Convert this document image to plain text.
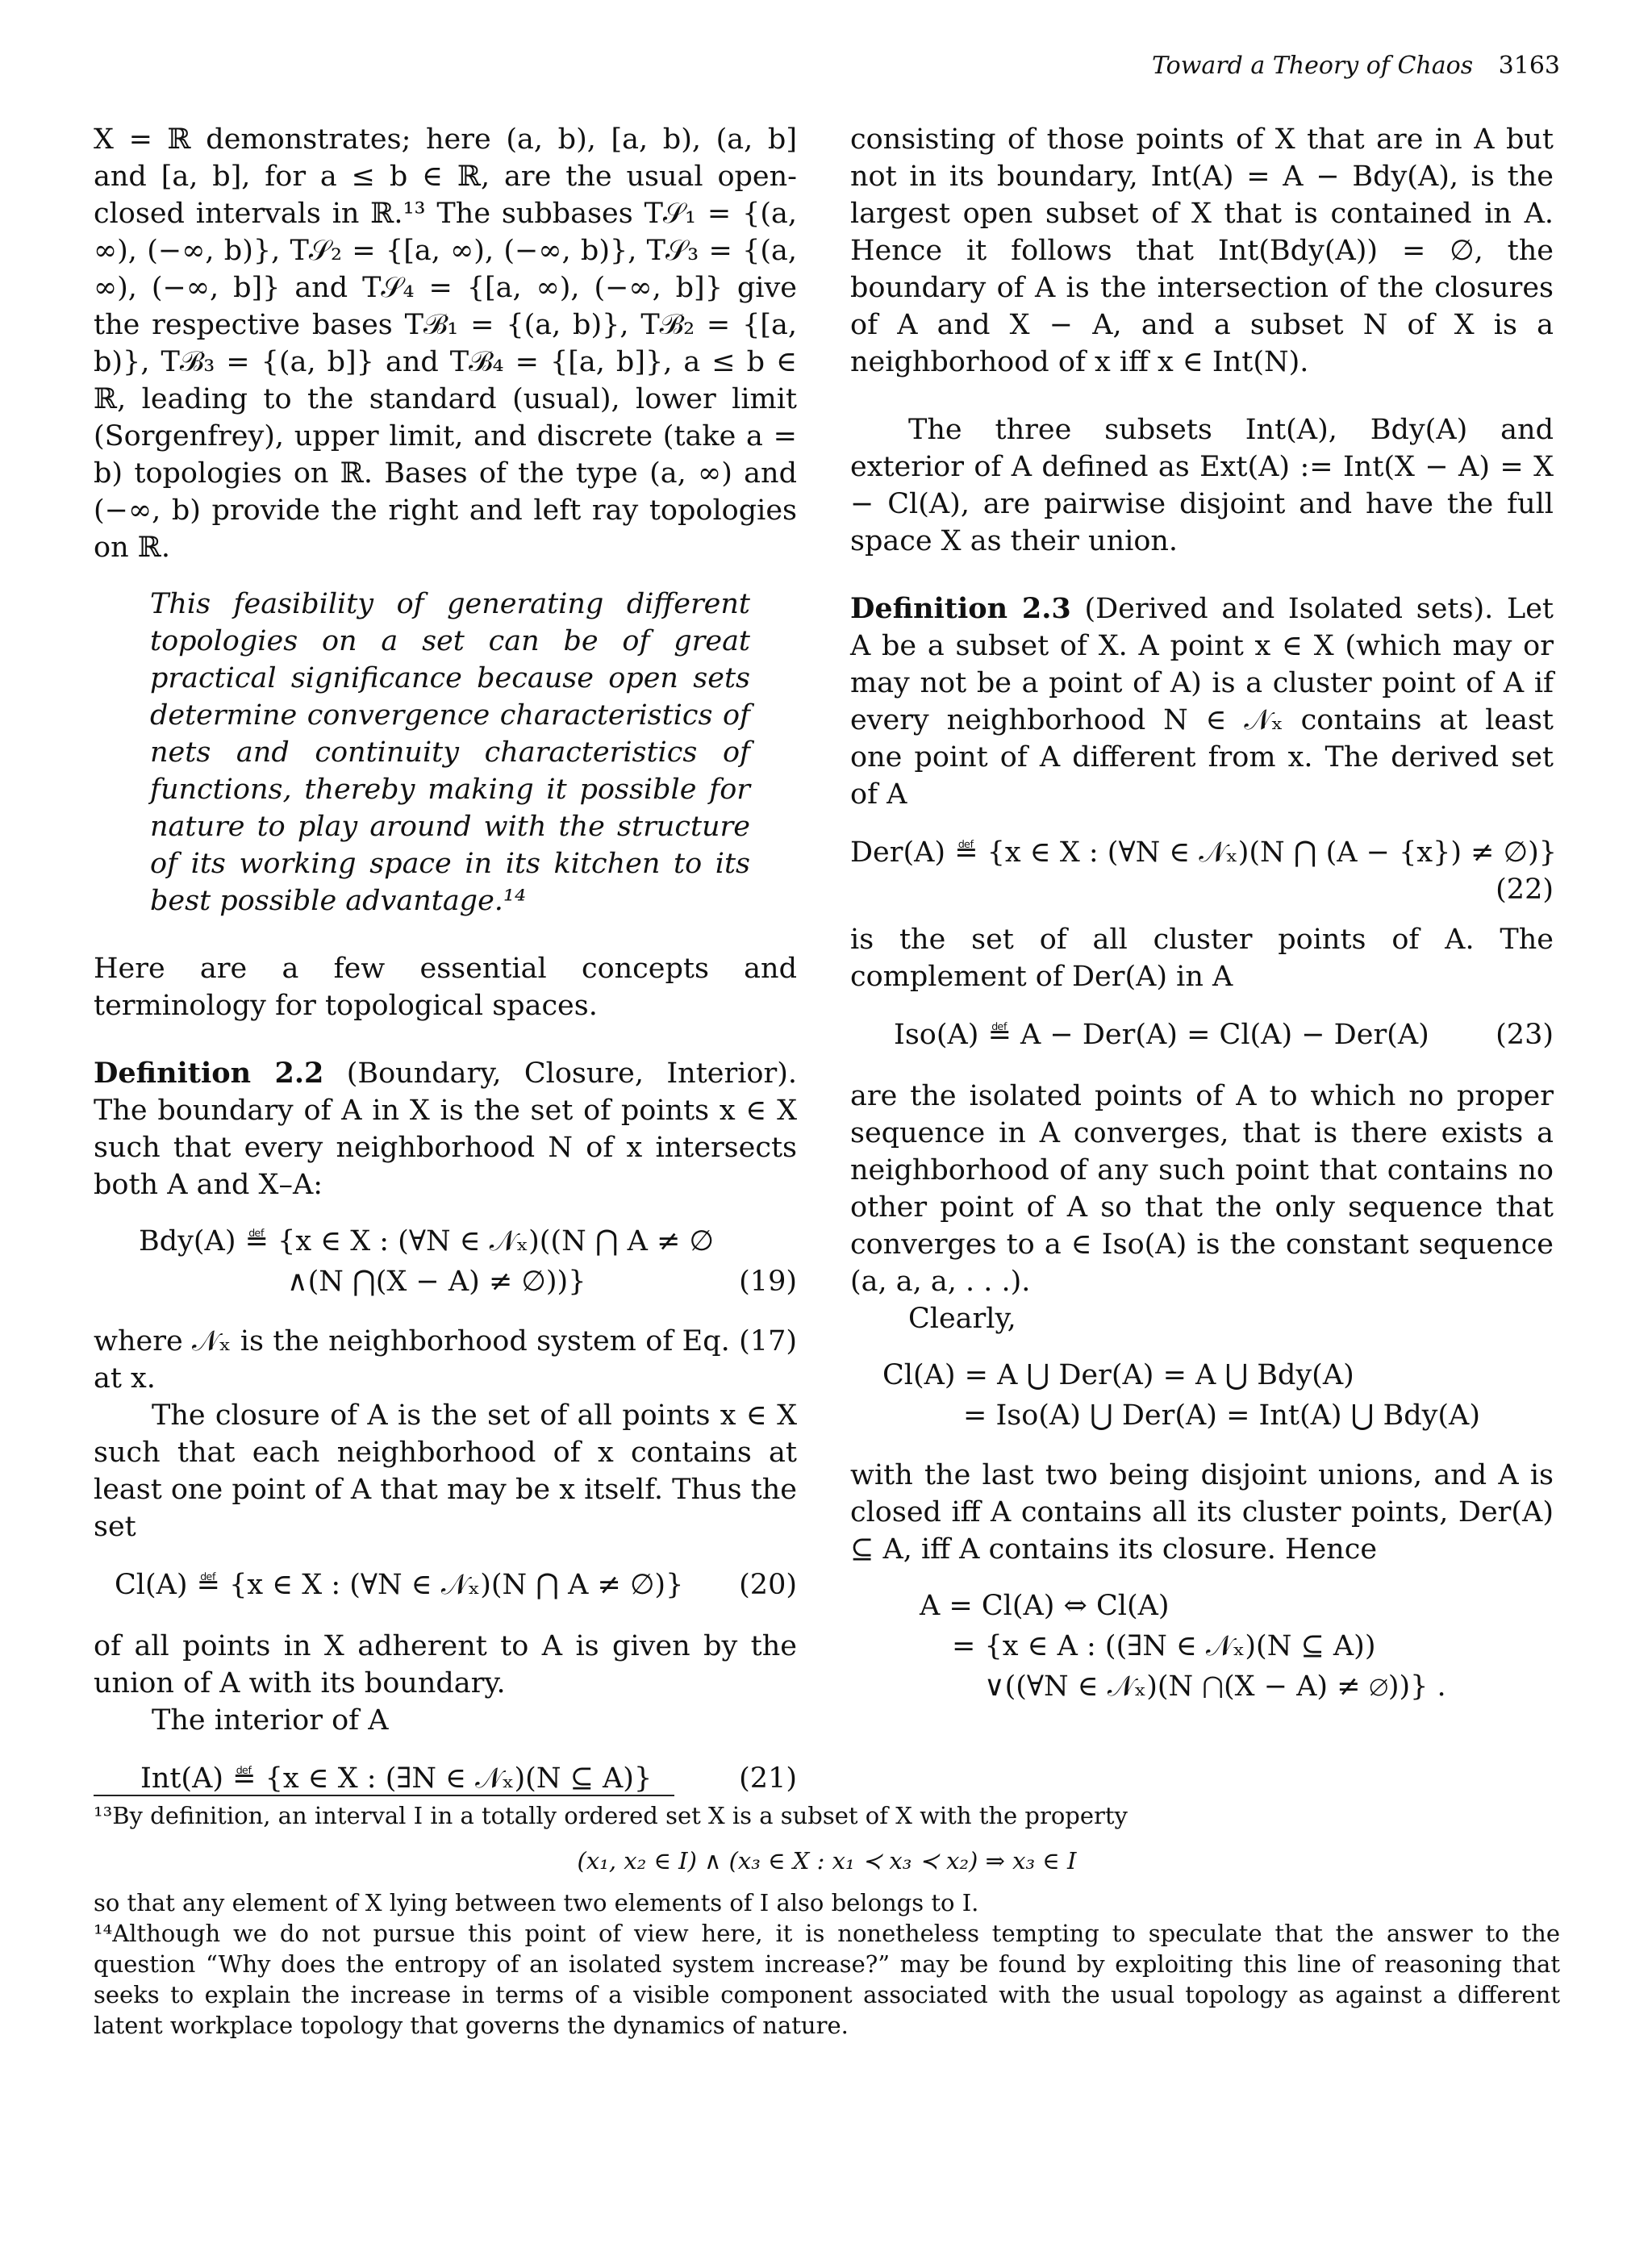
Toward a Theory of Chaos 3163

X = ℝ demonstrates; here (a, b), [a, b), (a, b] and [a, b], for a ≤ b ∈ ℝ, are the usual open-closed intervals in ℝ.¹³ The subbases T𝒮₁ = {(a, ∞), (−∞, b)}, T𝒮₂ = {[a, ∞), (−∞, b)}, T𝒮₃ = {(a, ∞), (−∞, b]} and T𝒮₄ = {[a, ∞), (−∞, b]} give the respective bases Tℬ₁ = {(a, b)}, Tℬ₂ = {[a, b)}, Tℬ₃ = {(a, b]} and Tℬ₄ = {[a, b]}, a ≤ b ∈ ℝ, leading to the standard (usual), lower limit (Sorgenfrey), upper limit, and discrete (take a = b) topologies on ℝ. Bases of the type (a, ∞) and (−∞, b) provide the right and left ray topologies on ℝ.

This feasibility of generating different topologies on a set can be of great practical significance because open sets determine convergence characteristics of nets and continuity characteristics of functions, thereby making it possible for nature to play around with the structure of its working space in its kitchen to its best possible advantage.¹⁴

Here are a few essential concepts and terminology for topological spaces.

Definition 2.2 (Boundary, Closure, Interior). The boundary of A in X is the set of points x ∈ X such that every neighborhood N of x intersects both A and X–A:

Bdy(A) ≝ {x ∈ X : (∀N ∈ 𝒩ₓ)((N ⋂ A ≠ ∅
∧(N ⋂(X − A) ≠ ∅))}	(19)

where 𝒩ₓ is the neighborhood system of Eq. (17) at x.

The closure of A is the set of all points x ∈ X such that each neighborhood of x contains at least one point of A that may be x itself. Thus the set

Cl(A) ≝ {x ∈ X : (∀N ∈ 𝒩ₓ)(N ⋂ A ≠ ∅)} (20)

of all points in X adherent to A is given by the union of A with its boundary.

The interior of A

Int(A) ≝ {x ∈ X : (∃N ∈ 𝒩ₓ)(N ⊆ A)}	(21)

consisting of those points of X that are in A but not in its boundary, Int(A) = A − Bdy(A), is the largest open subset of X that is contained in A. Hence it follows that Int(Bdy(A)) = ∅, the boundary of A is the intersection of the closures of A and X − A, and a subset N of X is a neighborhood of x iff x ∈ Int(N).

The three subsets Int(A), Bdy(A) and exterior of A defined as Ext(A) := Int(X − A) = X − Cl(A), are pairwise disjoint and have the full space X as their union.

Definition 2.3 (Derived and Isolated sets). Let A be a subset of X. A point x ∈ X (which may or may not be a point of A) is a cluster point of A if every neighborhood N ∈ 𝒩ₓ contains at least one point of A different from x. The derived set of A

Der(A) ≝ {x ∈ X : (∀N ∈ 𝒩ₓ)(N ⋂ (A − {x}) ≠ ∅)}
(22)

is the set of all cluster points of A. The complement of Der(A) in A

Iso(A) ≝ A − Der(A) = Cl(A) − Der(A) (23)

are the isolated points of A to which no proper sequence in A converges, that is there exists a neighborhood of any such point that contains no other point of A so that the only sequence that converges to a ∈ Iso(A) is the constant sequence (a, a, a, . . .).

Clearly,

Cl(A) = A ⋃ Der(A) = A ⋃ Bdy(A)
= Iso(A) ⋃ Der(A) = Int(A) ⋃ Bdy(A)

with the last two being disjoint unions, and A is closed iff A contains all its cluster points, Der(A) ⊆ A, iff A contains its closure. Hence

A = Cl(A) ⇔ Cl(A)
= {x ∈ A : ((∃N ∈ 𝒩ₓ)(N ⊆ A))
∨((∀N ∈ 𝒩ₓ)(N ⋂(X − A) ≠ ∅))} .

¹³By definition, an interval I in a totally ordered set X is a subset of X with the property

(x₁, x₂ ∈ I) ∧ (x₃ ∈ X : x₁ ≺ x₃ ≺ x₂) ⇒ x₃ ∈ I

so that any element of X lying between two elements of I also belongs to I.

¹⁴Although we do not pursue this point of view here, it is nonetheless tempting to speculate that the answer to the question “Why does the entropy of an isolated system increase?” may be found by exploiting this line of reasoning that seeks to explain the increase in terms of a visible component associated with the usual topology as against a different latent workplace topology that governs the dynamics of nature.
